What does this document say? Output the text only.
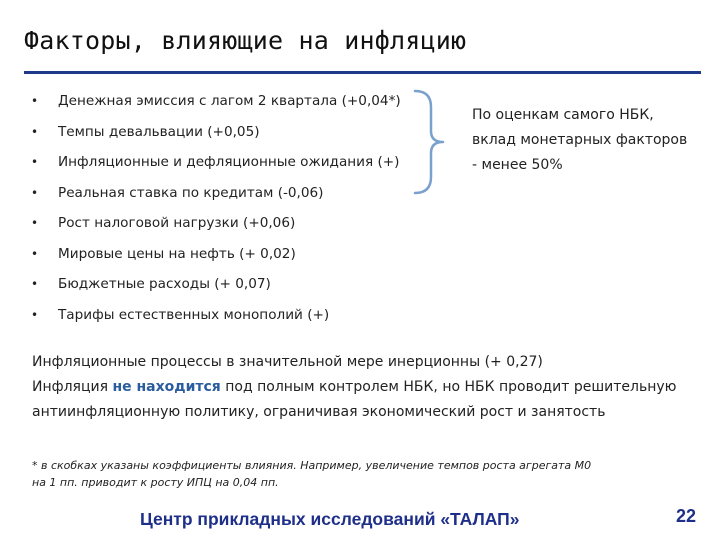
Факторы, влияющие на инфляцию
• Денежная эмиссия с лагом 2 квартала (+0,04*)
• Темпы девальвации (+0,05)
• Инфляционные и дефляционные ожидания (+)
• Реальная ставка по кредитам (-0,06)
• Рост налоговой нагрузки (+0,06)
• Мировые цены на нефть (+ 0,02)
• Бюджетные расходы (+ 0,07)
• Тарифы естественных монополий (+)
По оценкам самого НБК,
вклад монетарных факторов
- менее 50%
Инфляционные процессы в значительной мере инерционны (+ 0,27)
Инфляция не находится под полным контролем НБК, но НБК проводит решительную
антиинфляционную политику, ограничивая экономический рост и занятость
* в скобках указаны коэффициенты влияния. Например, увеличение темпов роста агрегата М0
на 1 пп. приводит к росту ИПЦ на 0,04 пп.
Центр прикладных исследований «ТАЛАП»	22
